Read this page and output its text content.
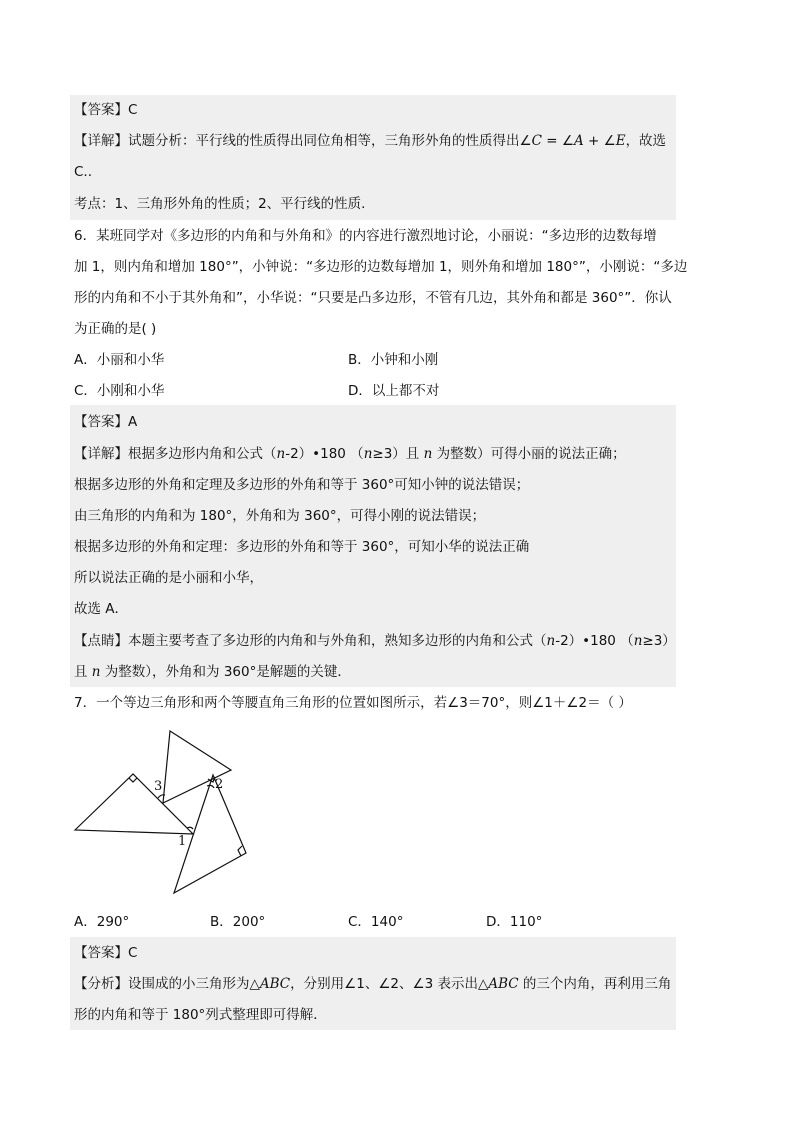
【答案】C
【详解】试题分析：平行线的性质得出同位角相等，三角形外角的性质得出∠C = ∠A + ∠E，故选
C..
考点：1、三角形外角的性质；2、平行线的性质.
6．某班同学对《多边形的内角和与外角和》的内容进行激烈地讨论，小丽说：“多边形的边数每增
加 1，则内角和增加 180°”，小钟说：“多边形的边数每增加 1，则外角和增加 180°”，小刚说：“多边
形的内角和不小于其外角和”，小华说：“只要是凸多边形，不管有几边，其外角和都是 360°”．你认
为正确的是( )
A．小丽和小华	B．小钟和小刚
C．小刚和小华	D．以上都不对
【答案】A
【详解】根据多边形内角和公式（n-2）•180 （n≥3）且 n 为整数）可得小丽的说法正确；
根据多边形的外角和定理及多边形的外角和等于 360°可知小钟的说法错误；
由三角形的内角和为 180°，外角和为 360°，可得小刚的说法错误；
根据多边形的外角和定理：多边形的外角和等于 360°，可知小华的说法正确
所以说法正确的是小丽和小华，
故选 A．
【点睛】本题主要考查了多边形的内角和与外角和，熟知多边形的内角和公式（n-2）•180 （n≥3）
且 n 为整数），外角和为 360°是解题的关键．
7．一个等边三角形和两个等腰直角三角形的位置如图所示，若∠3＝70°，则∠1＋∠2＝（ ）
3	2
1
A．290°	B．200°	C．140°	D．110°
【答案】C
【分析】设围成的小三角形为△ABC，分别用∠1、∠2、∠3 表示出△ABC 的三个内角，再利用三角
形的内角和等于 180°列式整理即可得解．
